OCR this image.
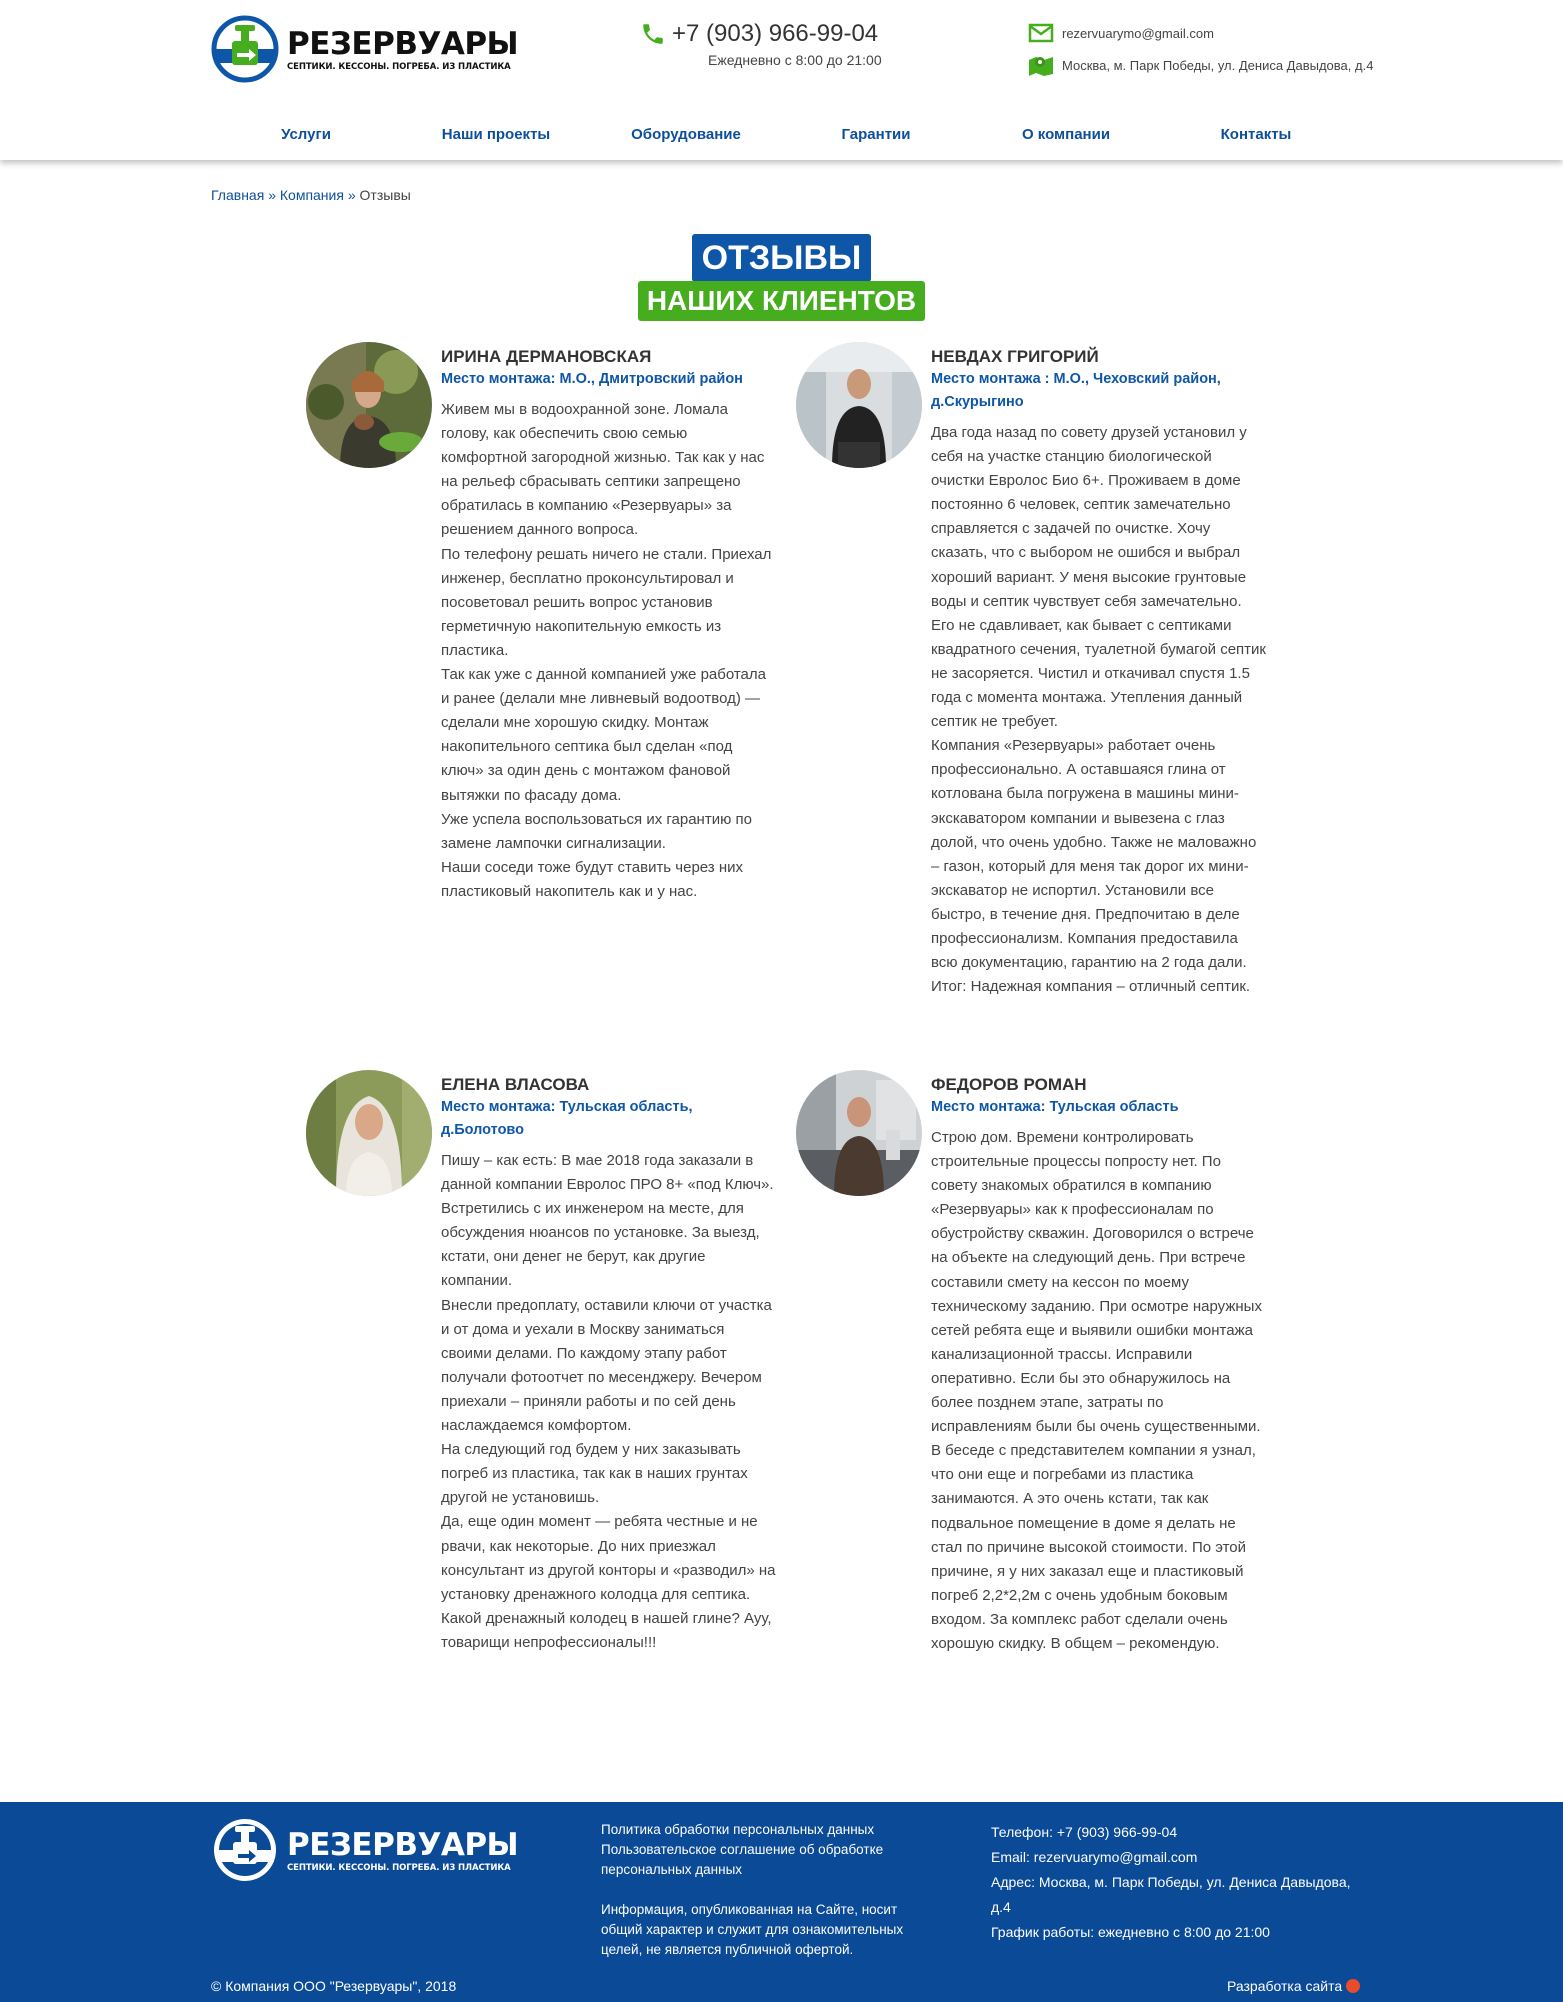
РЕЗЕРВУАРЫ
СЕПТИКИ. КЕССОНЫ. ПОГРЕБА. ИЗ ПЛАСТИКА
+7 (903) 966-99-04
Ежедневно с 8:00 до 21:00
rezervuarymo@gmail.com
Москва, м. Парк Победы, ул. Дениса Давыдова, д.4
Услуги	Наши проекты	Оборудование	Гарантии	О компании	Контакты
Главная » Компания » Отзывы
ОТЗЫВЫ
НАШИХ КЛИЕНТОВ
ИРИНА ДЕРМАНОВСКАЯ
Место монтажа: М.О., Дмитровский район
Живем мы в водоохранной зоне. Ломала голову, как обеспечить свою семью комфортной загородной жизнью. Так как у нас на рельеф сбрасывать септики запрещено обратилась в компанию «Резервуары» за решением данного вопроса.
По телефону решать ничего не стали. Приехал инженер, бесплатно проконсультировал и посоветовал решить вопрос установив герметичную накопительную емкость из пластика.
Так как уже с данной компанией уже работала и ранее (делали мне ливневый водоотвод) — сделали мне хорошую скидку. Монтаж накопительного септика был сделан «под ключ» за один день с монтажом фановой вытяжки по фасаду дома.
Уже успела воспользоваться их гарантию по замене лампочки сигнализации.
Наши соседи тоже будут ставить через них пластиковый накопитель как и у нас.
НЕВДАХ ГРИГОРИЙ
Место монтажа : М.О., Чеховский район, д.Скурыгино
Два года назад по совету друзей установил у себя на участке станцию биологической очистки Евролос Био 6+. Проживаем в доме постоянно 6 человек, септик замечательно справляется с задачей по очистке. Хочу сказать, что с выбором не ошибся и выбрал хороший вариант. У меня высокие грунтовые воды и септик чувствует себя замечательно. Его не сдавливает, как бывает с септиками квадратного сечения, туалетной бумагой септик не засоряется. Чистил и откачивал спустя 1.5 года с момента монтажа. Утепления данный септик не требует.
Компания «Резервуары» работает очень профессионально. А оставшаяся глина от котлована была погружена в машины мини-экскаватором компании и вывезена с глаз долой, что очень удобно. Также не маловажно – газон, который для меня так дорог их мини-экскаватор не испортил. Установили все быстро, в течение дня. Предпочитаю в деле профессионализм. Компания предоставила всю документацию, гарантию на 2 года дали.
Итог: Надежная компания – отличный септик.
ЕЛЕНА ВЛАСОВА
Место монтажа: Тульская область, д.Болотово
Пишу – как есть: В мае 2018 года заказали в данной компании Евролос ПРО 8+ «под Ключ».
Встретились с их инженером на месте, для обсуждения нюансов по установке. За выезд, кстати, они денег не берут, как другие компании.
Внесли предоплату, оставили ключи от участка и от дома и уехали в Москву заниматься своими делами. По каждому этапу работ получали фотоотчет по месенджеру. Вечером приехали – приняли работы и по сей день наслаждаемся комфортом.
На следующий год будем у них заказывать погреб из пластика, так как в наших грунтах другой не установишь.
Да, еще один момент — ребята честные и не рвачи, как некоторые. До них приезжал консультант из другой конторы и «разводил» на установку дренажного колодца для септика. Какой дренажный колодец в нашей глине? Ауу, товарищи непрофессионалы!!!
ФЕДОРОВ РОМАН
Место монтажа: Тульская область
Строю дом. Времени контролировать строительные процессы попросту нет. По совету знакомых обратился в компанию «Резервуары» как к профессионалам по обустройству скважин. Договорился о встрече на объекте на следующий день. При встрече составили смету на кессон по моему техническому заданию. При осмотре наружных сетей ребята еще и выявили ошибки монтажа канализационной трассы. Исправили оперативно. Если бы это обнаружилось на более позднем этапе, затраты по исправлениям были бы очень существенными. В беседе с представителем компании я узнал, что они еще и погребами из пластика занимаются. А это очень кстати, так как подвальное помещение в доме я делать не стал по причине высокой стоимости. По этой причине, я у них заказал еще и пластиковый погреб 2,2*2,2м с очень удобным боковым входом. За комплекс работ сделали очень хорошую скидку. В общем – рекомендую.
РЕЗЕРВУАРЫ
СЕПТИКИ. КЕССОНЫ. ПОГРЕБА. ИЗ ПЛАСТИКА
Политика обработки персональных данных
Пользовательское соглашение об обработке персональных данных
Информация, опубликованная на Сайте, носит общий характер и служит для ознакомительных целей, не является публичной офертой.
Телефон: +7 (903) 966-99-04
Email: rezervuarymo@gmail.com
Адрес: Москва, м. Парк Победы, ул. Дениса Давыдова, д.4
График работы: ежедневно с 8:00 до 21:00
© Компания ООО "Резервуары", 2018	Разработка сайта
